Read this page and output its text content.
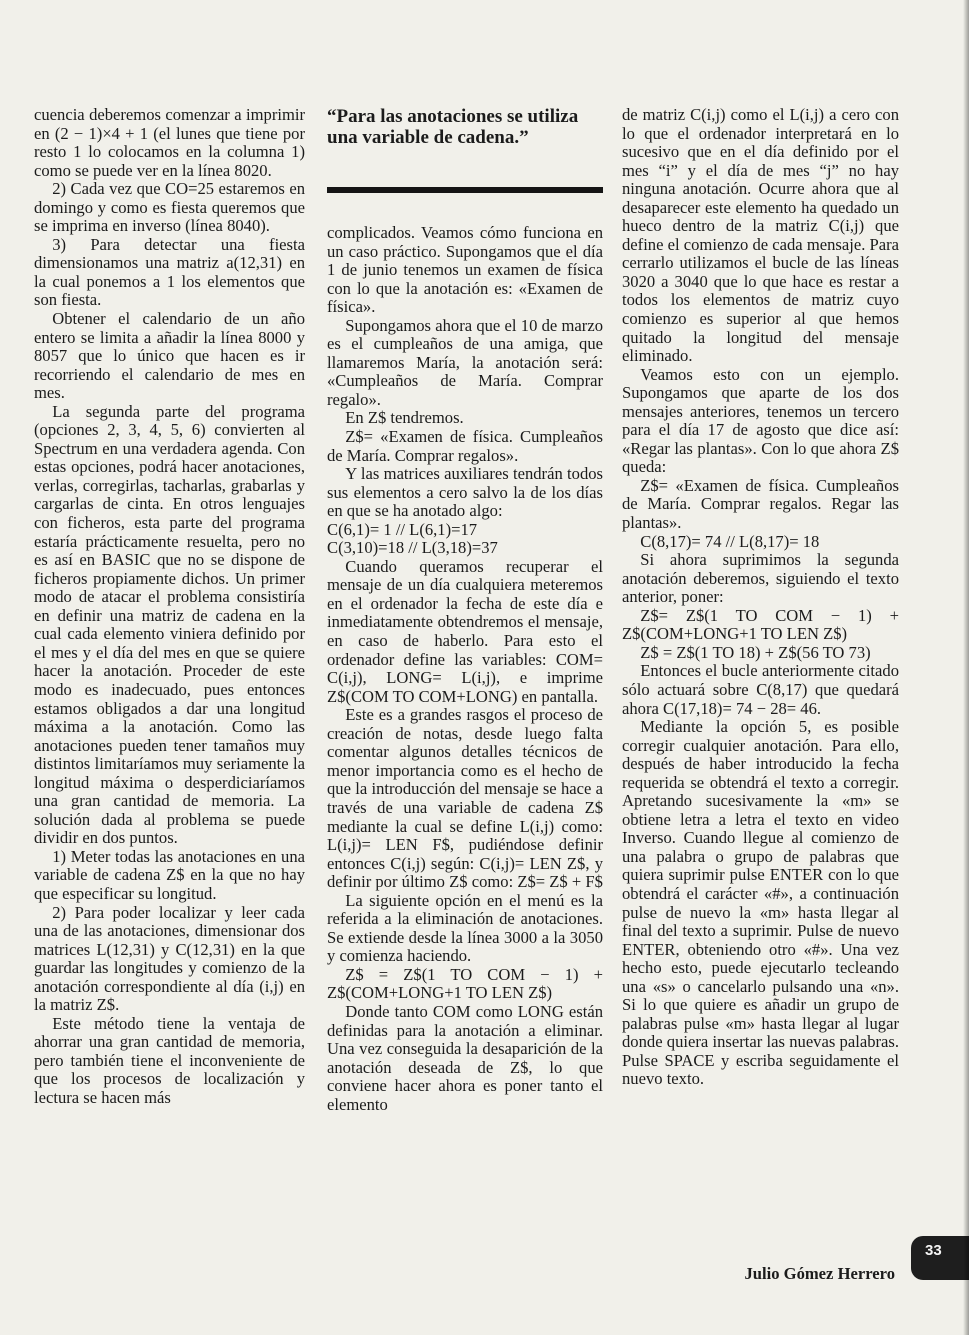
cuencia deberemos comenzar a imprimir en (2 − 1)×4 + 1 (el lunes que tiene por resto 1 lo colocamos en la columna 1) como se puede ver en la línea 8020.

2) Cada vez que CO=25 estaremos en domingo y como es fiesta queremos que se imprima en inverso (línea 8040).

3) Para detectar una fiesta dimensionamos una matriz a(12,31) en la cual ponemos a 1 los elementos que son fiesta.

Obtener el calendario de un año entero se limita a añadir la línea 8000 y 8057 que lo único que hacen es ir recorriendo el calendario de mes en mes.

La segunda parte del programa (opciones 2, 3, 4, 5, 6) convierten al Spectrum en una verdadera agenda. Con estas opciones, podrá hacer anotaciones, verlas, corregirlas, tacharlas, grabarlas y cargarlas de cinta. En otros lenguajes con ficheros, esta parte del programa estaría prácticamente resuelta, pero no es así en BASIC que no se dispone de ficheros propiamente dichos. Un primer modo de atacar el problema consistiría en definir una matriz de cadena en la cual cada elemento viniera definido por el mes y el día del mes en que se quiere hacer la anotación. Proceder de este modo es inadecuado, pues entonces estamos obligados a dar una longitud máxima a la anotación. Como las anotaciones pueden tener tamaños muy distintos limitaríamos muy seriamente la longitud máxima o desperdiciaríamos una gran cantidad de memoria. La solución dada al problema se puede dividir en dos puntos.

1) Meter todas las anotaciones en una variable de cadena Z$ en la que no hay que especificar su longitud.

2) Para poder localizar y leer cada una de las anotaciones, dimensionar dos matrices L(12,31) y C(12,31) en la que guardar las longitudes y comienzo de la anotación correspondiente al día (i,j) en la matriz Z$.

Este método tiene la ventaja de ahorrar una gran cantidad de memoria, pero también tiene el inconveniente de que los procesos de localización y lectura se hacen más

“Para las anotaciones se utiliza una variable de cadena.”

complicados. Veamos cómo funciona en un caso práctico. Supongamos que el día 1 de junio tenemos un examen de física con lo que la anotación es: «Examen de física».

Supongamos ahora que el 10 de marzo es el cumpleaños de una amiga, que llamaremos María, la anotación será: «Cumpleaños de María. Comprar regalo».

En Z$ tendremos.

Z$= «Examen de física. Cumpleaños de María. Comprar regalos».

Y las matrices auxiliares tendrán todos sus elementos a cero salvo la de los días en que se ha anotado algo:

C(6,1)= 1 // L(6,1)=17

C(3,10)=18 // L(3,18)=37

Cuando queramos recuperar el mensaje de un día cualquiera meteremos en el ordenador la fecha de este día e inmediatamente obtendremos el mensaje, en caso de haberlo. Para esto el ordenador define las variables: COM= C(i,j), LONG= L(i,j), e imprime Z$(COM TO COM+LONG) en pantalla.

Este es a grandes rasgos el proceso de creación de notas, desde luego falta comentar algunos detalles técnicos de menor importancia como es el hecho de que la introducción del mensaje se hace a través de una variable de cadena Z$ mediante la cual se define L(i,j) como: L(i,j)= LEN F$, pudiéndose definir entonces C(i,j) según: C(i,j)= LEN Z$, y definir por último Z$ como: Z$= Z$ + F$

La siguiente opción en el menú es la referida a la eliminación de anotaciones. Se extiende desde la línea 3000 a la 3050 y comienza haciendo.

Z$ = Z$(1 TO COM − 1) + Z$(COM+LONG+1 TO LEN Z$)

Donde tanto COM como LONG están definidas para la anotación a eliminar. Una vez conseguida la desaparición de la anotación deseada de Z$, lo que conviene hacer ahora es poner tanto el elemento

de matriz C(i,j) como el L(i,j) a cero con lo que el ordenador interpretará en lo sucesivo que en el día definido por el mes “i” y el día de mes “j” no hay ninguna anotación. Ocurre ahora que al desaparecer este elemento ha quedado un hueco dentro de la matriz C(i,j) que define el comienzo de cada mensaje. Para cerrarlo utilizamos el bucle de las líneas 3020 a 3040 que lo que hace es restar a todos los elementos de matriz cuyo comienzo es superior al que hemos quitado la longitud del mensaje eliminado.

Veamos esto con un ejemplo. Supongamos que aparte de los dos mensajes anteriores, tenemos un tercero para el día 17 de agosto que dice así: «Regar las plantas». Con lo que ahora Z$ queda:

Z$= «Examen de física. Cumpleaños de María. Comprar regalos. Regar las plantas».

C(8,17)= 74 // L(8,17)= 18

Si ahora suprimimos la segunda anotación deberemos, siguiendo el texto anterior, poner:

Z$= Z$(1 TO COM − 1) + Z$(COM+LONG+1 TO LEN Z$)

Z$ = Z$(1 TO 18) + Z$(56 TO 73)

Entonces el bucle anteriormente citado sólo actuará sobre C(8,17) que quedará ahora C(17,18)= 74 − 28= 46.

Mediante la opción 5, es posible corregir cualquier anotación. Para ello, después de haber introducido la fecha requerida se obtendrá el texto a corregir. Apretando sucesivamente la «m» se obtiene letra a letra el texto en video Inverso. Cuando llegue al comienzo de una palabra o grupo de palabras que quiera suprimir pulse ENTER con lo que obtendrá el carácter «#», a continuación pulse de nuevo la «m» hasta llegar al final del texto a suprimir. Pulse de nuevo ENTER, obteniendo otro «#». Una vez hecho esto, puede ejecutarlo tecleando una «s» o cancelarlo pulsando una «n». Si lo que quiere es añadir un grupo de palabras pulse «m» hasta llegar al lugar donde quiera insertar las nuevas palabras. Pulse SPACE y escriba seguidamente el nuevo texto.

Julio Gómez Herrero
33
